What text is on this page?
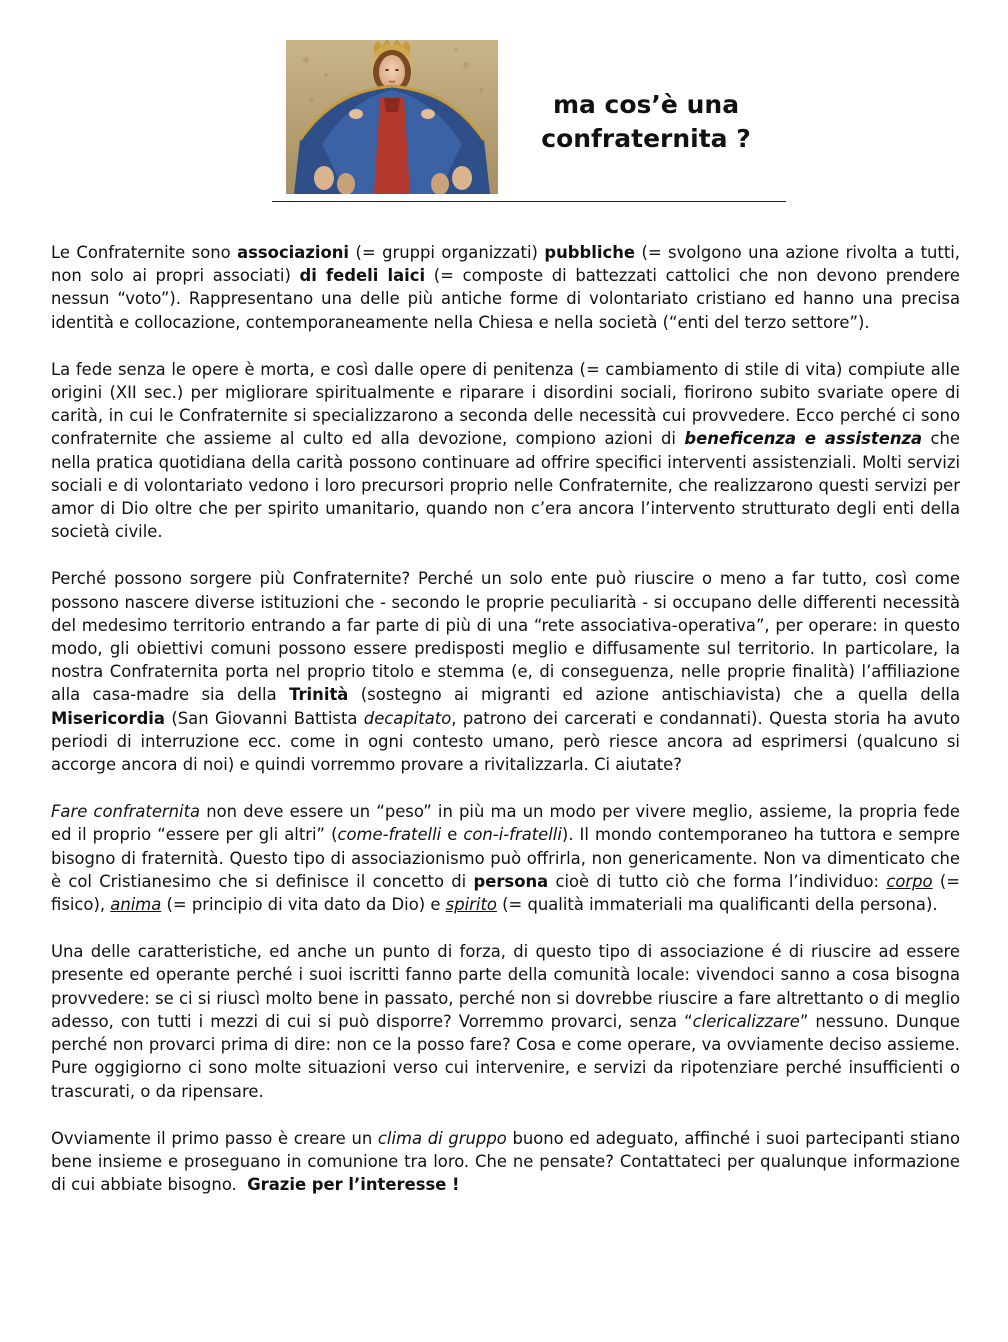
ma cos’è una
confraternita ?

Le Confraternite sono associazioni (= gruppi organizzati) pubbliche (= svolgono una azione rivolta a tutti, non solo ai propri associati) di fedeli laici (= composte di battezzati cattolici che non devono prendere nessun “voto”). Rappresentano una delle più antiche forme di volontariato cristiano ed hanno una precisa identità e collocazione, contemporaneamente nella Chiesa e nella società (“enti del terzo settore”).

La fede senza le opere è morta, e così dalle opere di penitenza (= cambiamento di stile di vita) compiute alle origini (XII sec.) per migliorare spiritualmente e riparare i disordini sociali, fiorirono subito svariate opere di carità, in cui le Confraternite si specializzarono a seconda delle necessità cui provvedere. Ecco perché ci sono confraternite che assieme al culto ed alla devozione, compiono azioni di beneficenza e assistenza che nella pratica quotidiana della carità possono continuare ad offrire specifici interventi assistenziali. Molti servizi sociali e di volontariato vedono i loro precursori proprio nelle Confraternite, che realizzarono questi servizi per amor di Dio oltre che per spirito umanitario, quando non c’era ancora l’intervento strutturato degli enti della società civile.

Perché possono sorgere più Confraternite? Perché un solo ente può riuscire o meno a far tutto, così come possono nascere diverse istituzioni che - secondo le proprie peculiarità - si occupano delle differenti necessità del medesimo territorio entrando a far parte di più di una “rete associativa-operativa”, per operare: in questo modo, gli obiettivi comuni possono essere predisposti meglio e diffusamente sul territorio. In particolare, la nostra Confraternita porta nel proprio titolo e stemma (e, di conseguenza, nelle proprie finalità) l’affiliazione alla casa-madre sia della Trinità (sostegno ai migranti ed azione antischiavista) che a quella della Misericordia (San Giovanni Battista decapitato, patrono dei carcerati e condannati). Questa storia ha avuto periodi di interruzione ecc. come in ogni contesto umano, però riesce ancora ad esprimersi (qualcuno si accorge ancora di noi) e quindi vorremmo provare a rivitalizzarla. Ci aiutate?

Fare confraternita non deve essere un “peso” in più ma un modo per vivere meglio, assieme, la propria fede ed il proprio “essere per gli altri” (come-fratelli e con-i-fratelli). Il mondo contemporaneo ha tuttora e sempre bisogno di fraternità. Questo tipo di associazionismo può offrirla, non genericamente. Non va dimenticato che è col Cristianesimo che si definisce il concetto di persona cioè di tutto ciò che forma l’individuo: corpo (= fisico), anima (= principio di vita dato da Dio) e spirito (= qualità immateriali ma qualificanti della persona).

Una delle caratteristiche, ed anche un punto di forza, di questo tipo di associazione é di riuscire ad essere presente ed operante perché i suoi iscritti fanno parte della comunità locale: vivendoci sanno a cosa bisogna provvedere: se ci si riuscì molto bene in passato, perché non si dovrebbe riuscire a fare altrettanto o di meglio adesso, con tutti i mezzi di cui si può disporre? Vorremmo provarci, senza “clericalizzare” nessuno. Dunque perché non provarci prima di dire: non ce la posso fare? Cosa e come operare, va ovviamente deciso assieme. Pure oggigiorno ci sono molte situazioni verso cui intervenire, e servizi da ripotenziare perché insufficienti o trascurati, o da ripensare.

Ovviamente il primo passo è creare un clima di gruppo buono ed adeguato, affinché i suoi partecipanti stiano bene insieme e proseguano in comunione tra loro. Che ne pensate? Contattateci per qualunque informazione di cui abbiate bisogno.  Grazie per l’interesse !
